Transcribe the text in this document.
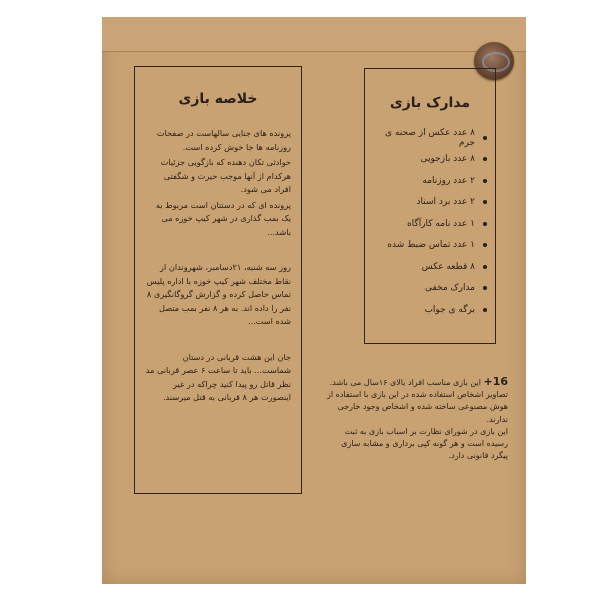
خلاصه بازی

پرونده های جنایی سالهاست در صفحات روزنامه ها جا خوش کرده است.

حوادثی تکان دهنده که بازگویی جزئیات هرکدام از آنها موجب حیرت و شگفتی افراد می شود.

پرونده ای که در دستتان است مربوط به یک بمب گذاری در شهر کیپ خوزه می باشد...

روز سه شنبه، ۲۱دسامبر، شهروندان از نقاط مختلف شهر کیپ خوزه با اداره پلیس تماس حاصل کرده و گزارش گروگانگیری ۸ نفر را داده اند. به هر ۸ نفر بمب متصل شده است...

جان این هشت قربانی در دستان شماست... باید تا ساعت ۶ عصر قربانی مد نظر قاتل رو پیدا کنید چراکه در غیر اینصورت هر ۸ قربانی به قتل میرسند.

مدارک بازی
۸ عدد عکس از صحنه ی جرم
۸ عدد بازجویی
۲ عدد روزنامه
۲ عدد برد اسناد
۱ عدد نامه کارآگاه
۱ عدد تماس ضبط شده
۸ قطعه عکس
مدارک مخفی
برگه ی جواب
16+ این بازی مناسب افراد بالای ۱۶سال می باشد.
تصاویر اشخاص استفاده شده در این بازی با استفاده از هوش مصنوعی ساخته شده و اشخاص وجود خارجی ندارند.
این بازی در شورای نظارت بر اسباب بازی به ثبت رسیده است و هر گونه کپی برداری و مشابه سازی پیگرد قانونی دارد.
